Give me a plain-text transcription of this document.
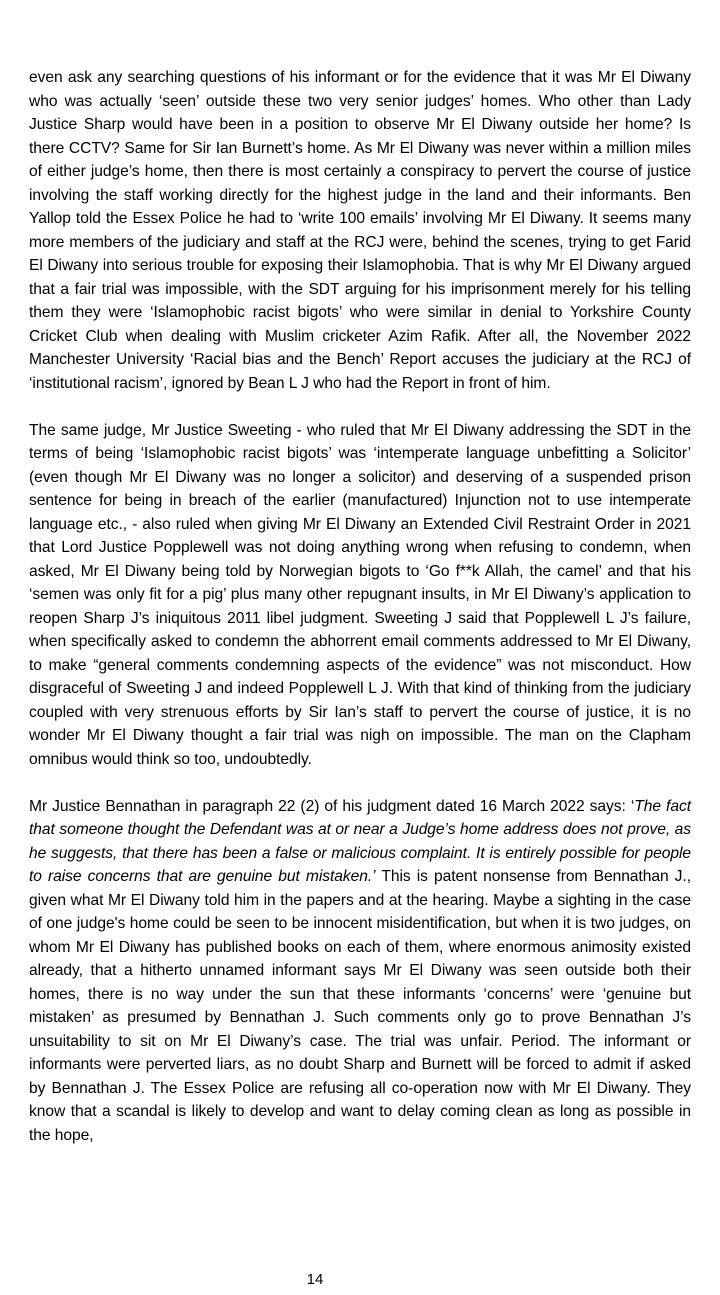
even ask any searching questions of his informant or for the evidence that it was Mr El Diwany who was actually ‘seen’ outside these two very senior judges’ homes. Who other than Lady Justice Sharp would have been in a position to observe Mr El Diwany outside her home? Is there CCTV? Same for Sir Ian Burnett’s home. As Mr El Diwany was never within a million miles of either judge’s home, then there is most certainly a conspiracy to pervert the course of justice involving the staff working directly for the highest judge in the land and their informants. Ben Yallop told the Essex Police he had to ‘write 100 emails’ involving Mr El Diwany. It seems many more members of the judiciary and staff at the RCJ were, behind the scenes, trying to get Farid El Diwany into serious trouble for exposing their Islamophobia. That is why Mr El Diwany argued that a fair trial was impossible, with the SDT arguing for his imprisonment merely for his telling them they were ‘Islamophobic racist bigots’ who were similar in denial to Yorkshire County Cricket Club when dealing with Muslim cricketer Azim Rafik. After all, the November 2022 Manchester University ‘Racial bias and the Bench’ Report accuses the judiciary at the RCJ of ‘institutional racism’, ignored by Bean L J who had the Report in front of him.

The same judge, Mr Justice Sweeting - who ruled that Mr El Diwany addressing the SDT in the terms of being ‘Islamophobic racist bigots’ was ‘intemperate language unbefitting a Solicitor’ (even though Mr El Diwany was no longer a solicitor) and deserving of a suspended prison sentence for being in breach of the earlier (manufactured) Injunction not to use intemperate language etc., - also ruled when giving Mr El Diwany an Extended Civil Restraint Order in 2021 that Lord Justice Popplewell was not doing anything wrong when refusing to condemn, when asked, Mr El Diwany being told by Norwegian bigots to ‘Go f**k Allah, the camel’ and that his ‘semen was only fit for a pig’ plus many other repugnant insults, in Mr El Diwany’s application to reopen Sharp J’s iniquitous 2011 libel judgment. Sweeting J said that Popplewell L J’s failure, when specifically asked to condemn the abhorrent email comments addressed to Mr El Diwany, to make “general comments condemning aspects of the evidence” was not misconduct. How disgraceful of Sweeting J and indeed Popplewell L J. With that kind of thinking from the judiciary coupled with very strenuous efforts by Sir Ian’s staff to pervert the course of justice, it is no wonder Mr El Diwany thought a fair trial was nigh on impossible. The man on the Clapham omnibus would think so too, undoubtedly.

Mr Justice Bennathan in paragraph 22 (2) of his judgment dated 16 March 2022 says: ‘The fact that someone thought the Defendant was at or near a Judge’s home address does not prove, as he suggests, that there has been a false or malicious complaint. It is entirely possible for people to raise concerns that are genuine but mistaken.’ This is patent nonsense from Bennathan J., given what Mr El Diwany told him in the papers and at the hearing. Maybe a sighting in the case of one judge's home could be seen to be innocent misidentification, but when it is two judges, on whom Mr El Diwany has published books on each of them, where enormous animosity existed already, that a hitherto unnamed informant says Mr El Diwany was seen outside both their homes, there is no way under the sun that these informants ‘concerns’ were ‘genuine but mistaken’ as presumed by Bennathan J. Such comments only go to prove Bennathan J’s unsuitability to sit on Mr El Diwany’s case. The trial was unfair. Period. The informant or informants were perverted liars, as no doubt Sharp and Burnett will be forced to admit if asked by Bennathan J. The Essex Police are refusing all co-operation now with Mr El Diwany. They know that a scandal is likely to develop and want to delay coming clean as long as possible in the hope,

14
